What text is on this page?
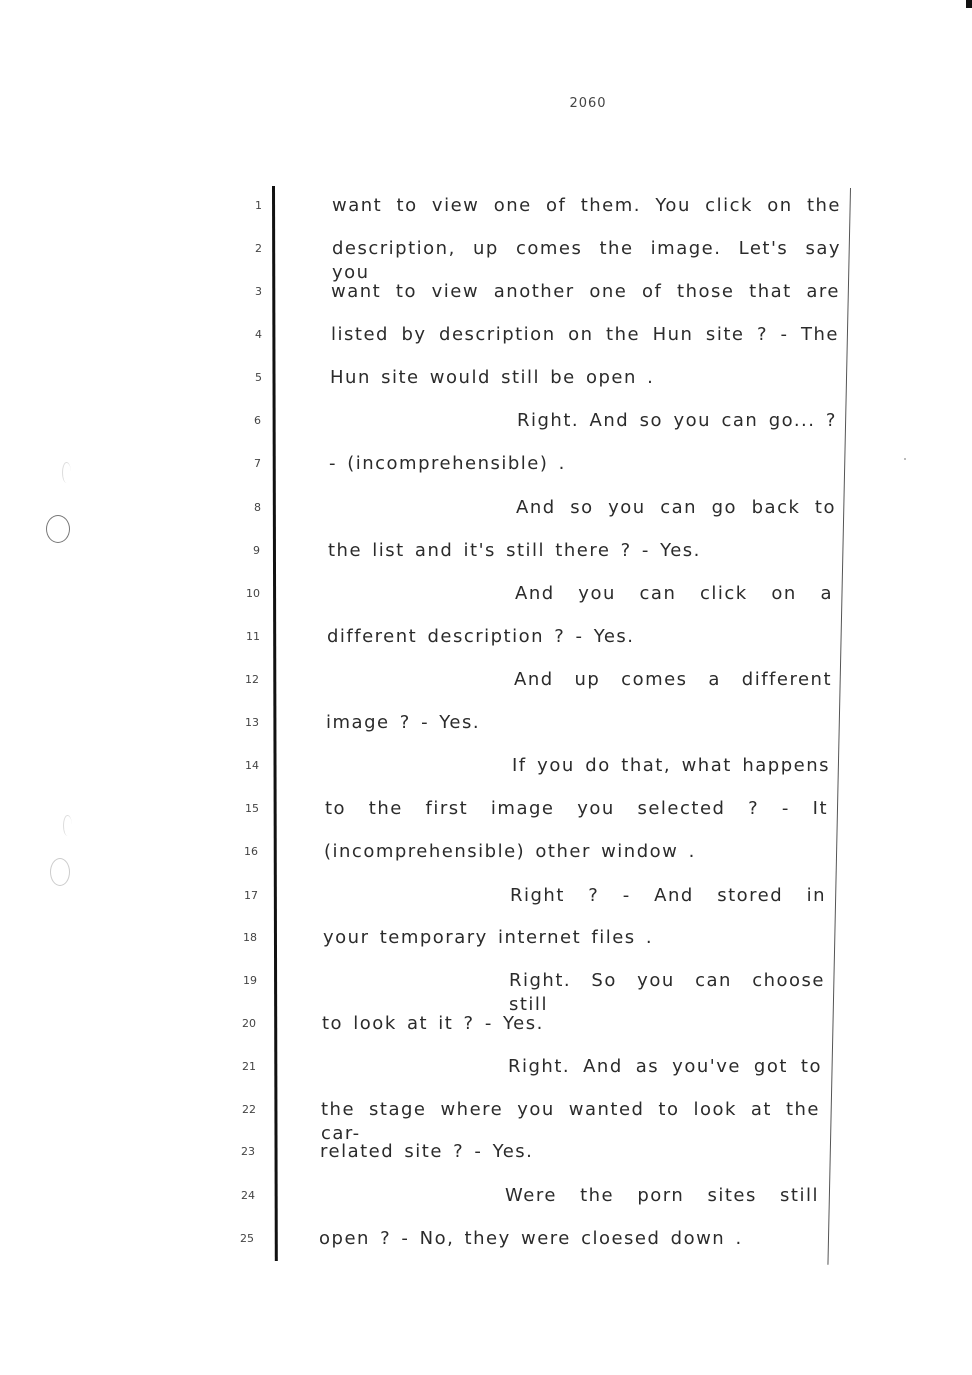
2060
1	want to view one of them. You click on the
2	description, up comes the image. Let's say you
3	want to view another one of those that are
4	listed by description on the Hun site ? - The
5	Hun site would still be open .
6	Right. And so you can go... ?
7	- (incomprehensible) .
8	And so you can go back to
9	the list and it's still there ? - Yes.
10	And you can click on a
11	different description ? - Yes.
12	And up comes a different
13	image ? - Yes.
14	If you do that, what happens
15	to the first image you selected ? - It
16	(incomprehensible) other window .
17	Right ? - And stored in
18	your temporary internet files .
19	Right. So you can choose still
20	to look at it ? - Yes.
21	Right. And as you've got to
22	the stage where you wanted to look at the car-
23	related site ? - Yes.
24	Were the porn sites still
25	open ? - No, they were cloesed down .
